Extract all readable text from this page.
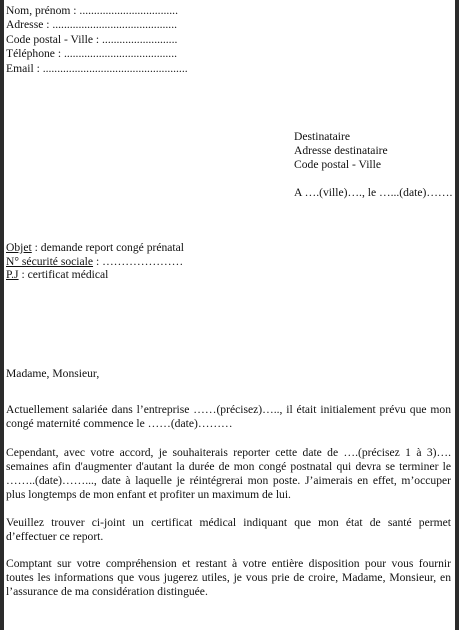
Nom, prénom : ..................................
Adresse : ...........................................
Code postal - Ville : ..........................
Téléphone : .......................................
Email : ..................................................
Destinataire
Adresse destinataire
Code postal - Ville
A ….(ville)…., le …...(date)…….
Objet : demande report congé prénatal
N° sécurité sociale : …………………
P.J : certificat médical
Madame, Monsieur,
Actuellement salariée dans l’entreprise ……(précisez)….., il était initialement prévu que mon congé maternité commence le ……(date)………
Cependant, avec votre accord, je souhaiterais reporter cette date de ….(précisez 1 à 3)…. semaines afin d'augmenter d'autant la durée de mon congé postnatal qui devra se terminer le ……..(date)……..., date à laquelle je réintégrerai mon poste. J’aimerais en effet, m’occuper plus longtemps de mon enfant et profiter un maximum de lui.
Veuillez trouver ci-joint un certificat médical indiquant que mon état de santé permet d’effectuer ce report.
Comptant sur votre compréhension et restant à votre entière disposition pour vous fournir toutes les informations que vous jugerez utiles, je vous prie de croire, Madame, Monsieur, en l’assurance de ma considération distinguée.
